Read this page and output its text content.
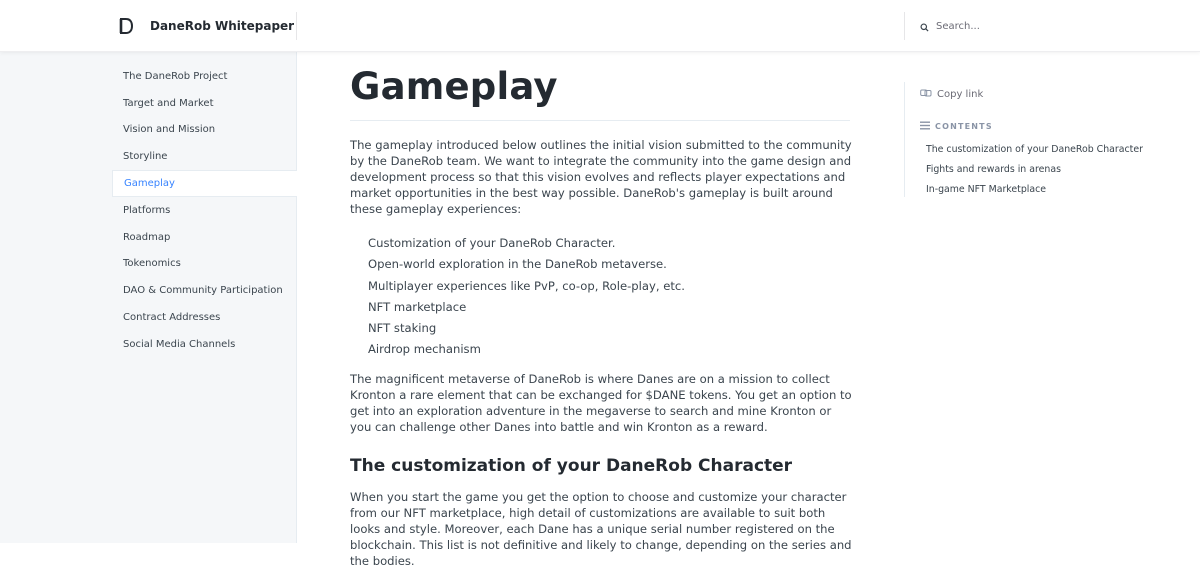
DaneRob Whitepaper
Search...
The DaneRob Project
Target and Market
Vision and Mission
Storyline
Gameplay
Platforms
Roadmap
Tokenomics
DAO & Community Participation
Contract Addresses
Social Media Channels
Gameplay

The gameplay introduced below outlines the initial vision submitted to the community by the DaneRob team. We want to integrate the community into the game design and development process so that this vision evolves and reflects player expectations and market opportunities in the best way possible. DaneRob's gameplay is built around these gameplay experiences:

Customization of your DaneRob Character.
Open-world exploration in the DaneRob metaverse.
Multiplayer experiences like PvP, co-op, Role-play, etc.
NFT marketplace
NFT staking
Airdrop mechanism

The magnificent metaverse of DaneRob is where Danes are on a mission to collect Kronton a rare element that can be exchanged for $DANE tokens. You get an option to get into an exploration adventure in the megaverse to search and mine Kronton or you can challenge other Danes into battle and win Kronton as a reward.

The customization of your DaneRob Character

When you start the game you get the option to choose and customize your character from our NFT marketplace, high detail of customizations are available to suit both looks and style. Moreover, each Dane has a unique serial number registered on the blockchain. This list is not definitive and likely to change, depending on the series and the bodies.

Copy link
CONTENTS
The customization of your DaneRob Character
Fights and rewards in arenas
In-game NFT Marketplace
